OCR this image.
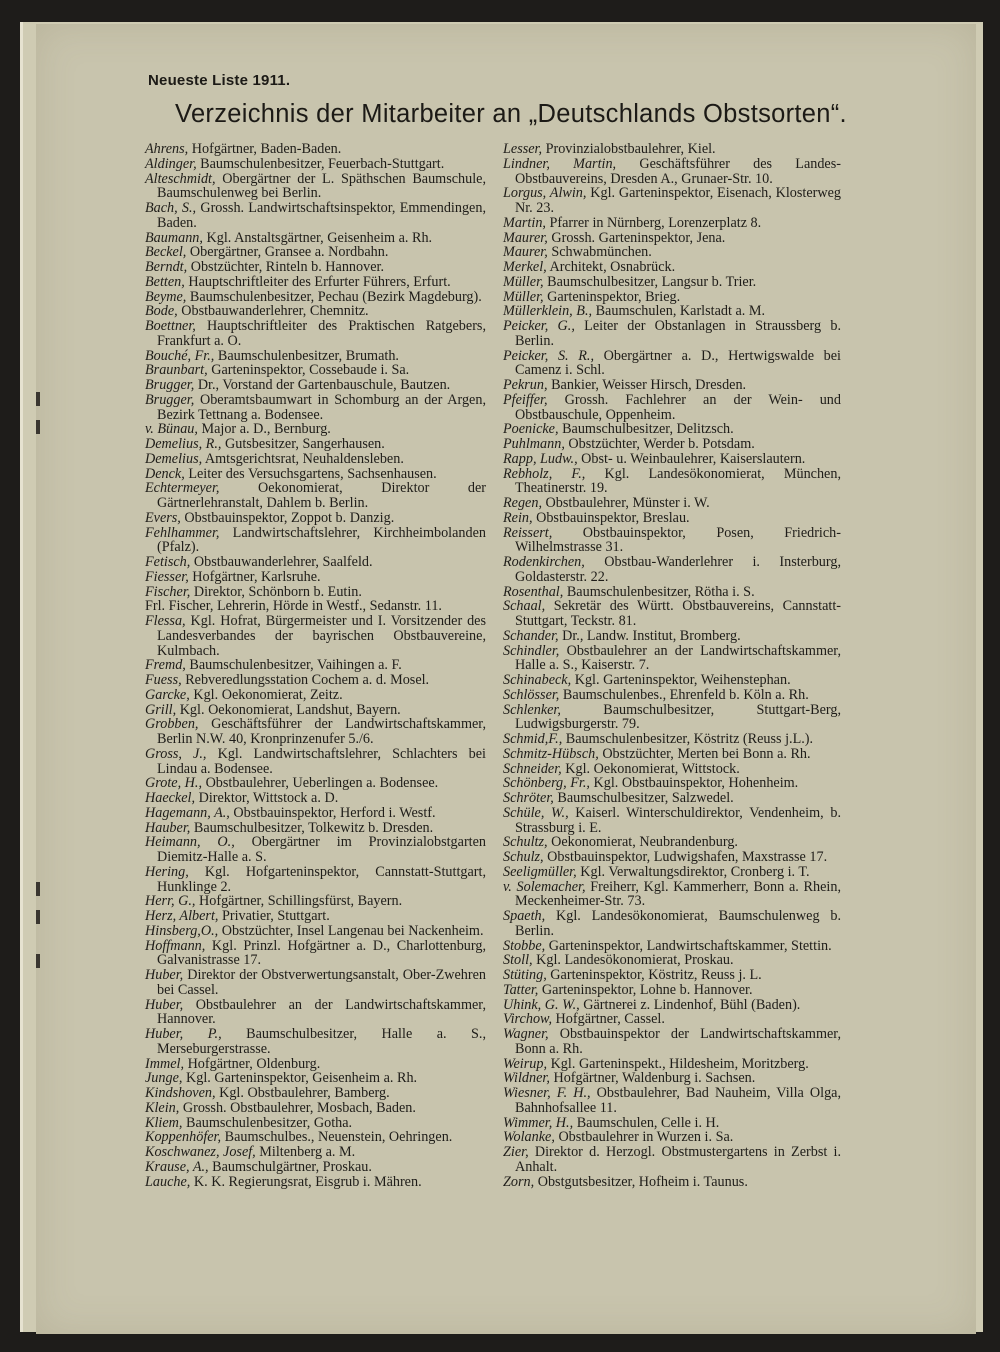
Neueste Liste 1911.
Verzeichnis der Mitarbeiter an „Deutschlands Obstsorten“.
Ahrens, Hofgärtner, Baden-Baden.
Aldinger, Baumschulenbesitzer, Feuerbach-Stuttgart.
Alteschmidt, Obergärtner der L. Späthschen Baumschule, Baumschulenweg bei Berlin.
Bach, S., Grossh. Landwirtschaftsinspektor, Emmendingen, Baden.
Baumann, Kgl. Anstaltsgärtner, Geisenheim a. Rh.
Beckel, Obergärtner, Gransee a. Nordbahn.
Berndt, Obstzüchter, Rinteln b. Hannover.
Betten, Hauptschriftleiter des Erfurter Führers, Erfurt.
Beyme, Baumschulenbesitzer, Pechau (Bezirk Magdeburg).
Bode, Obstbauwanderlehrer, Chemnitz.
Boettner, Hauptschriftleiter des Praktischen Ratgebers, Frankfurt a. O.
Bouché, Fr., Baumschulenbesitzer, Brumath.
Braunbart, Garteninspektor, Cossebaude i. Sa.
Brugger, Dr., Vorstand der Gartenbauschule, Bautzen.
Brugger, Oberamtsbaumwart in Schomburg an der Argen, Bezirk Tettnang a. Bodensee.
v. Bünau, Major a. D., Bernburg.
Demelius, R., Gutsbesitzer, Sangerhausen.
Demelius, Amtsgerichtsrat, Neuhaldensleben.
Denck, Leiter des Versuchsgartens, Sachsenhausen.
Echtermeyer, Oekonomierat, Direktor der Gärtnerlehranstalt, Dahlem b. Berlin.
Evers, Obstbauinspektor, Zoppot b. Danzig.
Fehlhammer, Landwirtschaftslehrer, Kirchheimbolanden (Pfalz).
Fetisch, Obstbauwanderlehrer, Saalfeld.
Fiesser, Hofgärtner, Karlsruhe.
Fischer, Direktor, Schönborn b. Eutin.
Frl. Fischer, Lehrerin, Hörde in Westf., Sedanstr. 11.
Flessa, Kgl. Hofrat, Bürgermeister und I. Vorsitzender des Landesverbandes der bayrischen Obstbauvereine, Kulmbach.
Fremd, Baumschulenbesitzer, Vaihingen a. F.
Fuess, Rebveredlungsstation Cochem a. d. Mosel.
Garcke, Kgl. Oekonomierat, Zeitz.
Grill, Kgl. Oekonomierat, Landshut, Bayern.
Grobben, Geschäftsführer der Landwirtschaftskammer, Berlin N.W. 40, Kronprinzenufer 5./6.
Gross, J., Kgl. Landwirtschaftslehrer, Schlachters bei Lindau a. Bodensee.
Grote, H., Obstbaulehrer, Ueberlingen a. Bodensee.
Haeckel, Direktor, Wittstock a. D.
Hagemann, A., Obstbauinspektor, Herford i. Westf.
Hauber, Baumschulbesitzer, Tolkewitz b. Dresden.
Heimann, O., Obergärtner im Provinzialobstgarten Diemitz-Halle a. S.
Hering, Kgl. Hofgarteninspektor, Cannstatt-Stuttgart, Hunklinge 2.
Herr, G., Hofgärtner, Schillingsfürst, Bayern.
Herz, Albert, Privatier, Stuttgart.
Hinsberg,O., Obstzüchter, Insel Langenau bei Nackenheim.
Hoffmann, Kgl. Prinzl. Hofgärtner a. D., Charlottenburg, Galvanistrasse 17.
Huber, Direktor der Obstverwertungsanstalt, Ober-Zwehren bei Cassel.
Huber, Obstbaulehrer an der Landwirtschaftskammer, Hannover.
Huber, P., Baumschulbesitzer, Halle a. S., Merseburgerstrasse.
Immel, Hofgärtner, Oldenburg.
Junge, Kgl. Garteninspektor, Geisenheim a. Rh.
Kindshoven, Kgl. Obstbaulehrer, Bamberg.
Klein, Grossh. Obstbaulehrer, Mosbach, Baden.
Kliem, Baumschulenbesitzer, Gotha.
Koppenhöfer, Baumschulbes., Neuenstein, Oehringen.
Koschwanez, Josef, Miltenberg a. M.
Krause, A., Baumschulgärtner, Proskau.
Lauche, K. K. Regierungsrat, Eisgrub i. Mähren.
Lesser, Provinzialobstbaulehrer, Kiel.
Lindner, Martin, Geschäftsführer des Landes-Obstbauvereins, Dresden A., Grunaer-Str. 10.
Lorgus, Alwin, Kgl. Garteninspektor, Eisenach, Klosterweg Nr. 23.
Martin, Pfarrer in Nürnberg, Lorenzerplatz 8.
Maurer, Grossh. Garteninspektor, Jena.
Maurer, Schwabmünchen.
Merkel, Architekt, Osnabrück.
Müller, Baumschulbesitzer, Langsur b. Trier.
Müller, Garteninspektor, Brieg.
Müllerklein, B., Baumschulen, Karlstadt a. M.
Peicker, G., Leiter der Obstanlagen in Straussberg b. Berlin.
Peicker, S. R., Obergärtner a. D., Hertwigswalde bei Camenz i. Schl.
Pekrun, Bankier, Weisser Hirsch, Dresden.
Pfeiffer, Grossh. Fachlehrer an der Wein- und Obstbauschule, Oppenheim.
Poenicke, Baumschulbesitzer, Delitzsch.
Puhlmann, Obstzüchter, Werder b. Potsdam.
Rapp, Ludw., Obst- u. Weinbaulehrer, Kaiserslautern.
Rebholz, F., Kgl. Landesökonomierat, München, Theatinerstr. 19.
Regen, Obstbaulehrer, Münster i. W.
Rein, Obstbauinspektor, Breslau.
Reissert, Obstbauinspektor, Posen, Friedrich-Wilhelmstrasse 31.
Rodenkirchen, Obstbau-Wanderlehrer i. Insterburg, Goldasterstr. 22.
Rosenthal, Baumschulenbesitzer, Rötha i. S.
Schaal, Sekretär des Württ. Obstbauvereins, Cannstatt-Stuttgart, Teckstr. 81.
Schander, Dr., Landw. Institut, Bromberg.
Schindler, Obstbaulehrer an der Landwirtschaftskammer, Halle a. S., Kaiserstr. 7.
Schinabeck, Kgl. Garteninspektor, Weihenstephan.
Schlösser, Baumschulenbes., Ehrenfeld b. Köln a. Rh.
Schlenker, Baumschulbesitzer, Stuttgart-Berg, Ludwigsburgerstr. 79.
Schmid,F., Baumschulenbesitzer, Köstritz (Reuss j.L.).
Schmitz-Hübsch, Obstzüchter, Merten bei Bonn a. Rh.
Schneider, Kgl. Oekonomierat, Wittstock.
Schönberg, Fr., Kgl. Obstbauinspektor, Hohenheim.
Schröter, Baumschulbesitzer, Salzwedel.
Schüle, W., Kaiserl. Winterschuldirektor, Vendenheim, b. Strassburg i. E.
Schultz, Oekonomierat, Neubrandenburg.
Schulz, Obstbauinspektor, Ludwigshafen, Maxstrasse 17.
Seeligmüller, Kgl. Verwaltungsdirektor, Cronberg i. T.
v. Solemacher, Freiherr, Kgl. Kammerherr, Bonn a. Rhein, Meckenheimer-Str. 73.
Spaeth, Kgl. Landesökonomierat, Baumschulenweg b. Berlin.
Stobbe, Garteninspektor, Landwirtschaftskammer, Stettin.
Stoll, Kgl. Landesökonomierat, Proskau.
Stüting, Garteninspektor, Köstritz, Reuss j. L.
Tatter, Garteninspektor, Lohne b. Hannover.
Uhink, G. W., Gärtnerei z. Lindenhof, Bühl (Baden).
Virchow, Hofgärtner, Cassel.
Wagner, Obstbauinspektor der Landwirtschaftskammer, Bonn a. Rh.
Weirup, Kgl. Garteninspekt., Hildesheim, Moritzberg.
Wildner, Hofgärtner, Waldenburg i. Sachsen.
Wiesner, F. H., Obstbaulehrer, Bad Nauheim, Villa Olga, Bahnhofsallee 11.
Wimmer, H., Baumschulen, Celle i. H.
Wolanke, Obstbaulehrer in Wurzen i. Sa.
Zier, Direktor d. Herzogl. Obstmustergartens in Zerbst i. Anhalt.
Zorn, Obstgutsbesitzer, Hofheim i. Taunus.
